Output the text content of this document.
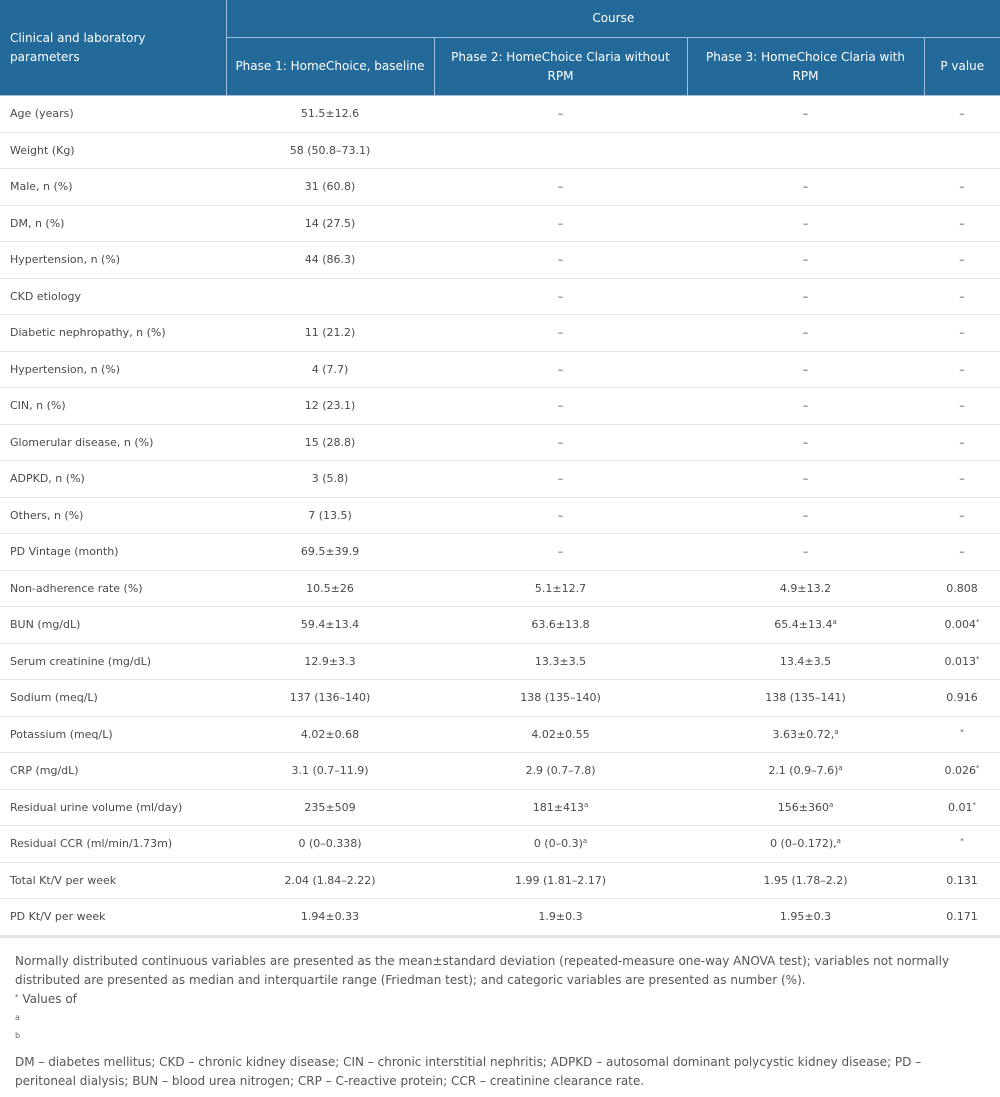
Clinical and laboratory parameters	Course			
	Phase 1: HomeChoice, baseline	Phase 2: HomeChoice Claria without RPM	Phase 3: HomeChoice Claria with RPM	P value
Age (years)	51.5±12.6	–	–	–
Weight (Kg)	58 (50.8–73.1)			
Male, n (%)	31 (60.8)	–	–	–
DM, n (%)	14 (27.5)	–	–	–
Hypertension, n (%)	44 (86.3)	–	–	–
CKD etiology		–	–	–
Diabetic nephropathy, n (%)	11 (21.2)	–	–	–
Hypertension, n (%)	4 (7.7)	–	–	–
CIN, n (%)	12 (23.1)	–	–	–
Glomerular disease, n (%)	15 (28.8)	–	–	–
ADPKD, n (%)	3 (5.8)	–	–	–
Others, n (%)	7 (13.5)	–	–	–
PD Vintage (month)	69.5±39.9	–	–	–
Non-adherence rate (%)	10.5±26	5.1±12.7	4.9±13.2	0.808
BUN (mg/dL)	59.4±13.4	63.6±13.8	65.4±13.4$^a$	0.004*
Serum creatinine (mg/dL)	12.9±3.3	13.3±3.5	13.4±3.5	0.013*
Sodium (meq/L)	137 (136–140)	138 (135–140)	138 (135–141)	0.916
Potassium (meq/L)	4.02±0.68	4.02±0.55	3.63±0.72,$^a$	*
CRP (mg/dL)	3.1 (0.7–11.9)	2.9 (0.7–7.8)	2.1 $(0.9-7.6)^a$	0.026*
Residual urine volume (ml/day)	235±509	$181\pm 413^a$	$156\pm 360^a$	0.01*
Residual CCR (ml/min/1.73m)	0 (0–0.338)	0 $(0-0.3)^a$	0 (0–0.172),$^a$	*
Total Kt/V per week	2.04 (1.84–2.22)	1.99 (1.81–2.17)	1.95 (1.78–2.2)	0.131
PD Kt/V per week	1.94±0.33	1.9±0.3	1.95±0.3	0.171

Normally distributed continuous variables are presented as the mean±standard deviation (repeated-measure one-way ANOVA test); variables not normally distributed are presented as median and interquartile range (Friedman test); and categoric variables are presented as number (%).

* Values of

a

b

DM – diabetes mellitus; CKD – chronic kidney disease; CIN – chronic interstitial nephritis; ADPKD – autosomal dominant polycystic kidney disease; PD – peritoneal dialysis; BUN – blood urea nitrogen; CRP – C-reactive protein; CCR – creatinine clearance rate.
